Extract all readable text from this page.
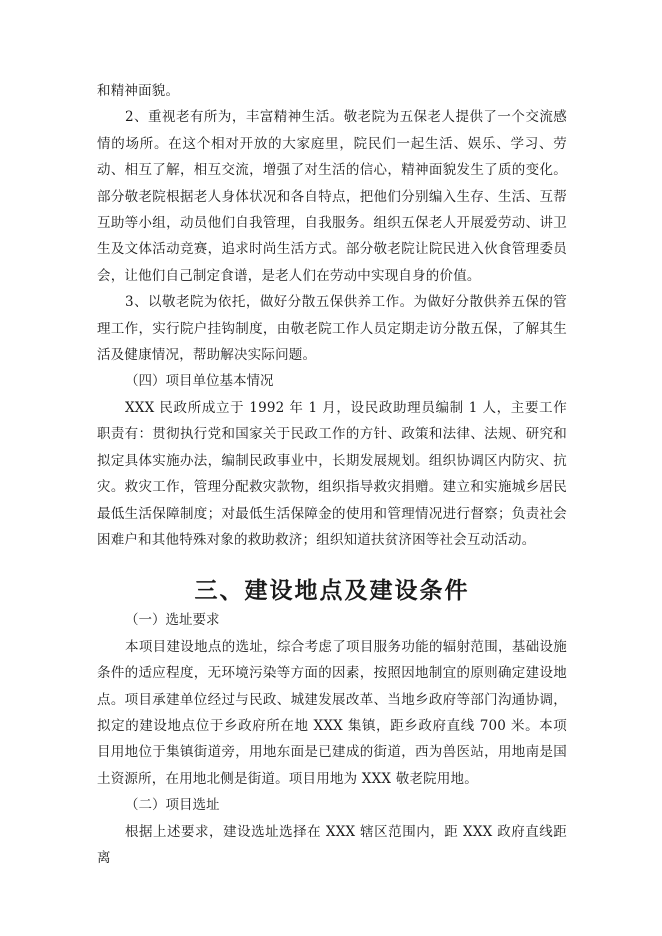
和精神面貌。

2、重视老有所为，丰富精神生活。敬老院为五保老人提供了一个交流感情的场所。在这个相对开放的大家庭里，院民们一起生活、娱乐、学习、劳动、相互了解，相互交流，增强了对生活的信心，精神面貌发生了质的变化。部分敬老院根据老人身体状况和各自特点，把他们分别编入生存、生活、互帮互助等小组，动员他们自我管理，自我服务。组织五保老人开展爱劳动、讲卫生及文体活动竞赛，追求时尚生活方式。部分敬老院让院民进入伙食管理委员会，让他们自己制定食谱，是老人们在劳动中实现自身的价值。

3、以敬老院为依托，做好分散五保供养工作。为做好分散供养五保的管理工作，实行院户挂钩制度，由敬老院工作人员定期走访分散五保，了解其生活及健康情况，帮助解决实际问题。

（四）项目单位基本情况

XXX 民政所成立于 1992 年 1 月，设民政助理员编制 1 人，主要工作职责有：贯彻执行党和国家关于民政工作的方针、政策和法律、法规、研究和拟定具体实施办法，编制民政事业中，长期发展规划。组织协调区内防灾、抗灾。救灾工作，管理分配救灾款物，组织指导救灾捐赠。建立和实施城乡居民最低生活保障制度；对最低生活保障金的使用和管理情况进行督察；负责社会困难户和其他特殊对象的救助救济；组织知道扶贫济困等社会互动活动。

三、建设地点及建设条件

（一）选址要求

本项目建设地点的选址，综合考虑了项目服务功能的辐射范围，基础设施条件的适应程度，无环境污染等方面的因素，按照因地制宜的原则确定建设地点。项目承建单位经过与民政、城建发展改革、当地乡政府等部门沟通协调，拟定的建设地点位于乡政府所在地 XXX 集镇，距乡政府直线 700 米。本项目用地位于集镇街道旁，用地东面是已建成的街道，西为兽医站，用地南是国土资源所，在用地北侧是街道。项目用地为 XXX 敬老院用地。

（二）项目选址

根据上述要求，建设选址选择在 XXX 辖区范围内，距 XXX 政府直线距离
